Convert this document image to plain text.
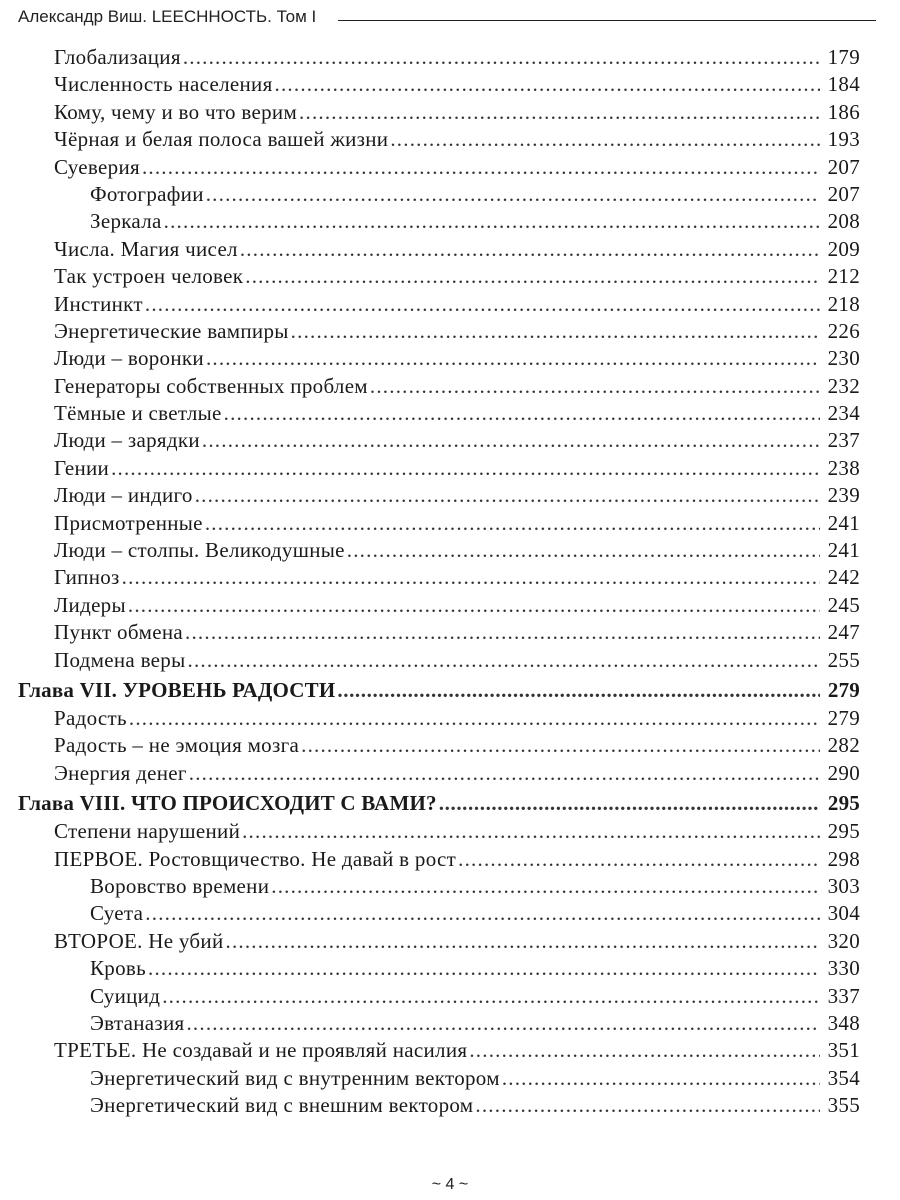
Александр Виш. LEECHНОСТЬ. Том I
Глобализация .....	179
Численность населения .....	184
Кому, чему и во что верим .....	186
Чёрная и белая полоса вашей жизни .....	193
Суеверия .....	207
Фотографии .....	207
Зеркала .....	208
Числа. Магия чисел .....	209
Так устроен человек .....	212
Инстинкт .....	218
Энергетические вампиры .....	226
Люди – воронки .....	230
Генераторы собственных проблем .....	232
Тёмные и светлые .....	234
Люди – зарядки .....	237
Гении .....	238
Люди – индиго .....	239
Присмотренные .....	241
Люди – столпы. Великодушные .....	241
Гипноз .....	242
Лидеры .....	245
Пункт обмена .....	247
Подмена веры .....	255
Глава VII. УРОВЕНЬ РАДОСТИ .....	279
Радость .....	279
Радость – не эмоция мозга .....	282
Энергия денег .....	290
Глава VIII. ЧТО ПРОИСХОДИТ С ВАМИ? .....	295
Степени нарушений .....	295
ПЕРВОЕ. Ростовщичество. Не давай в рост .....	298
Воровство времени .....	303
Суета .....	304
ВТОРОЕ. Не убий .....	320
Кровь .....	330
Суицид .....	337
Эвтаназия .....	348
ТРЕТЬЕ. Не создавай и не проявляй насилия .....	351
Энергетический вид с внутренним вектором .....	354
Энергетический вид с внешним вектором .....	355
~ 4 ~
